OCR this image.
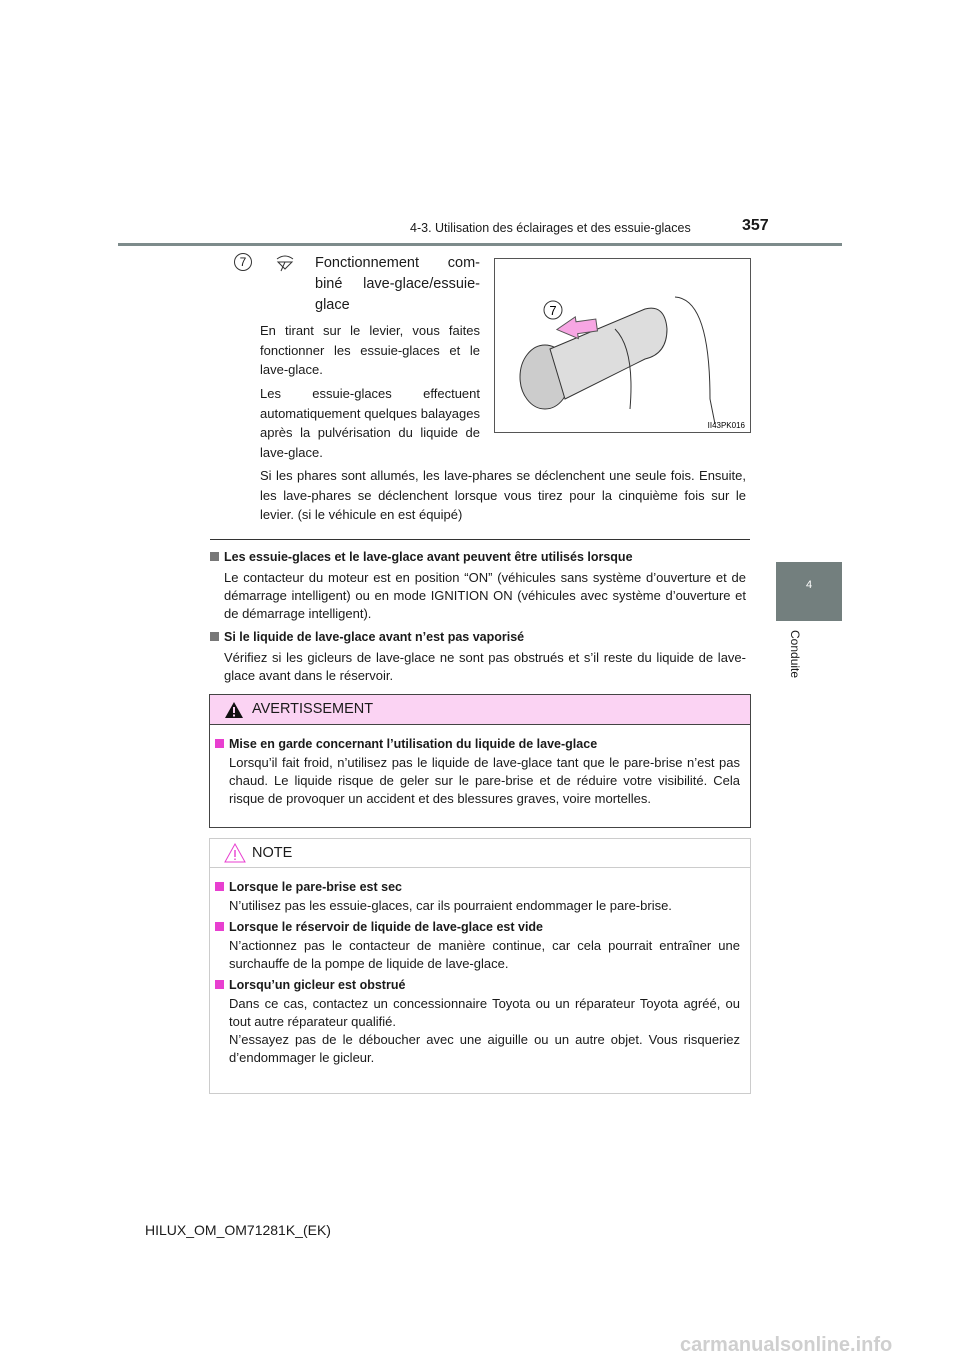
4-3. Utilisation des éclairages et des essuie-glaces	357
4
Conduite
7	Fonctionnement com-
biné lave-glace/essuie-
glace
En tirant sur le levier, vous faites fonctionner les essuie-glaces et le lave-glace.
Les essuie-glaces effectuent automatiquement quelques balayages après la pulvérisation du liquide de lave-glace.
Si les phares sont allumés, les lave-phares se déclenchent une seule fois. Ensuite, les lave-phares se déclenchent lorsque vous tirez pour la cinquième fois sur le levier. (si le véhicule en est équipé)
7
II43PK016
Les essuie-glaces et le lave-glace avant peuvent être utilisés lorsque
Le contacteur du moteur est en position “ON” (véhicules sans système d’ouverture et de démarrage intelligent) ou en mode IGNITION ON (véhicules avec système d’ouverture et de démarrage intelligent).
Si le liquide de lave-glace avant n’est pas vaporisé
Vérifiez si les gicleurs de lave-glace ne sont pas obstrués et s’il reste du liquide de lave-glace avant dans le réservoir.
AVERTISSEMENT
Mise en garde concernant l’utilisation du liquide de lave-glace
Lorsqu’il fait froid, n’utilisez pas le liquide de lave-glace tant que le pare-brise n’est pas chaud. Le liquide risque de geler sur le pare-brise et de réduire votre visibilité. Cela risque de provoquer un accident et des blessures graves, voire mortelles.
NOTE
Lorsque le pare-brise est sec
N’utilisez pas les essuie-glaces, car ils pourraient endommager le pare-brise.
Lorsque le réservoir de liquide de lave-glace est vide
N’actionnez pas le contacteur de manière continue, car cela pourrait entraîner une surchauffe de la pompe de liquide de lave-glace.
Lorsqu’un gicleur est obstrué
Dans ce cas, contactez un concessionnaire Toyota ou un réparateur Toyota agréé, ou tout autre réparateur qualifié.
N’essayez pas de le déboucher avec une aiguille ou un autre objet. Vous risqueriez d’endommager le gicleur.
HILUX_OM_OM71281K_(EK)
carmanualsonline.info
